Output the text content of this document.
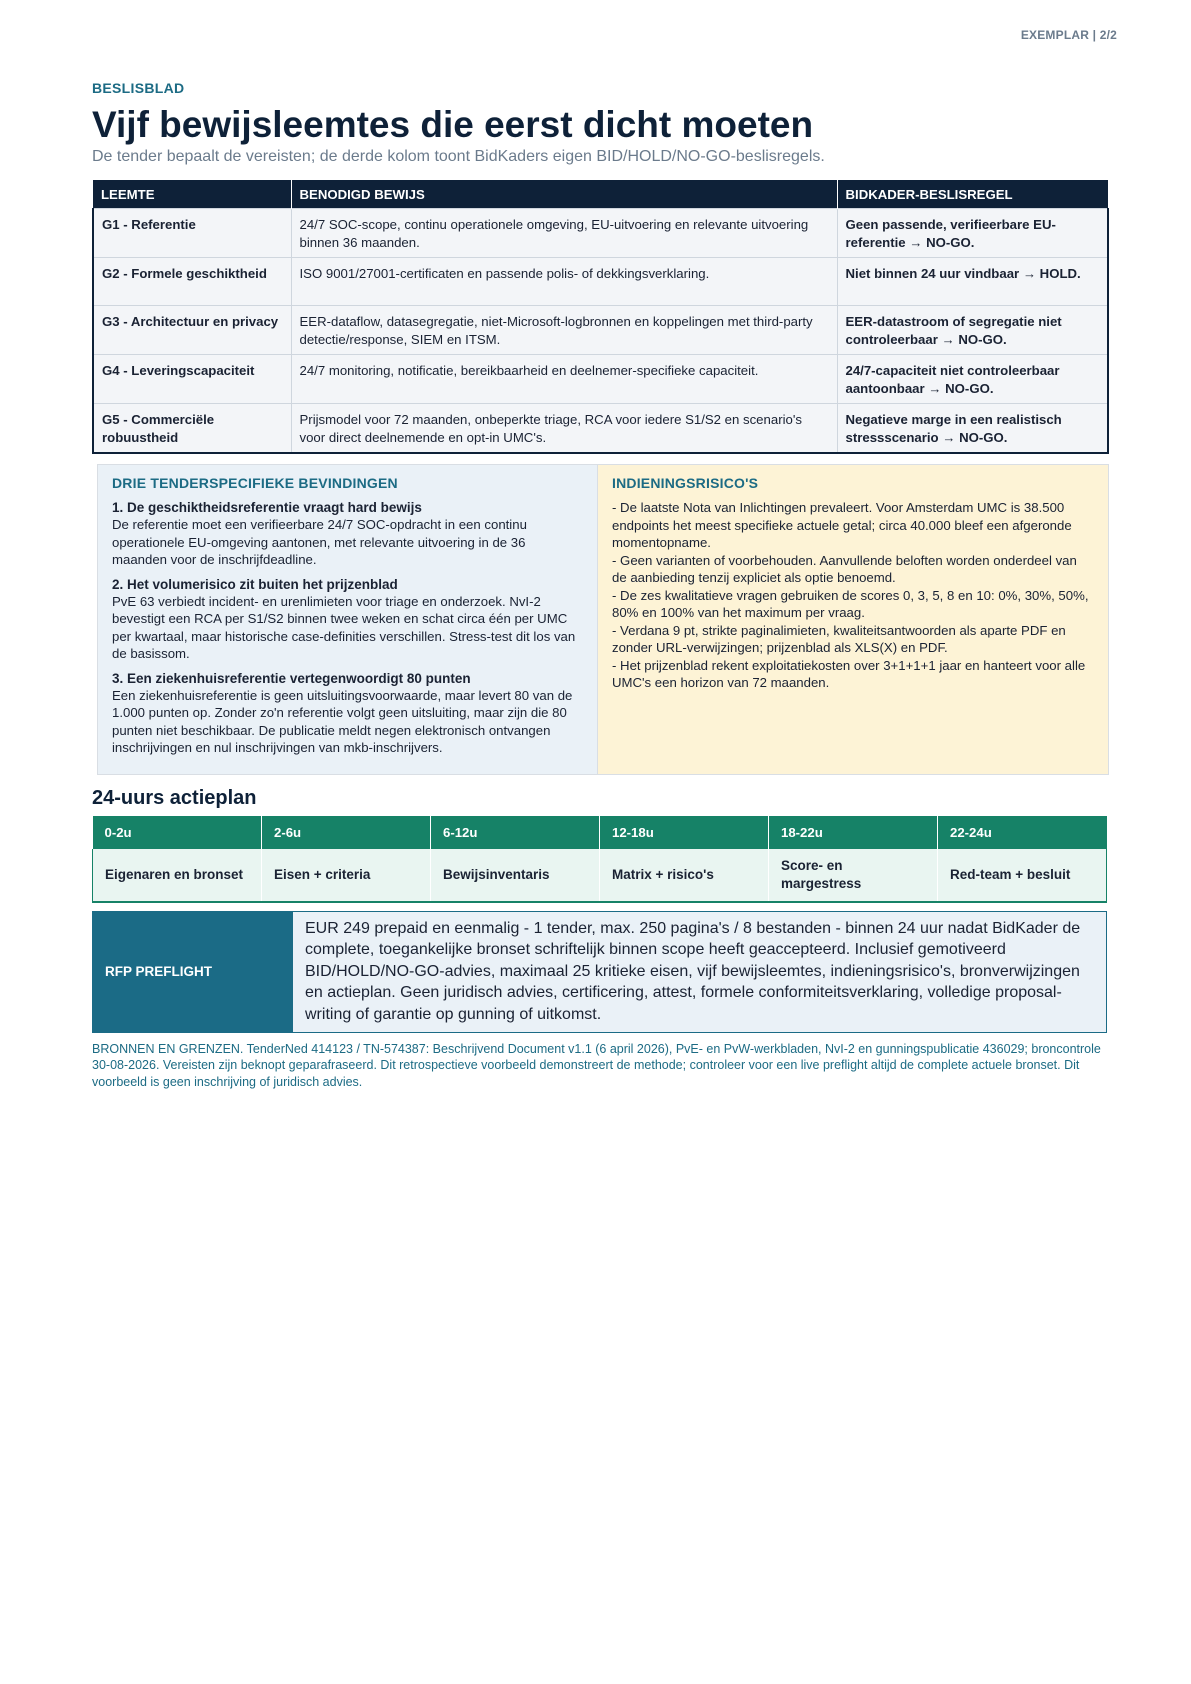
EXEMPLAR | 2/2
BESLISBLAD
Vijf bewijsleemtes die eerst dicht moeten
De tender bepaalt de vereisten; de derde kolom toont BidKaders eigen BID/HOLD/NO-GO-beslisregels.
LEEMTE	BENODIGD BEWIJS	BIDKADER-BESLISREGEL
G1 - Referentie	24/7 SOC-scope, continu operationele omgeving, EU-uitvoering en relevante uitvoering binnen 36 maanden.	Geen passende, verifieerbare EU-referentie → NO-GO.
G2 - Formele geschiktheid	ISO 9001/27001-certificaten en passende polis- of dekkingsverklaring.	Niet binnen 24 uur vindbaar → HOLD.
G3 - Architectuur en privacy	EER-dataflow, datasegregatie, niet-Microsoft-logbronnen en koppelingen met third-party detectie/response, SIEM en ITSM.	EER-datastroom of segregatie niet controleerbaar → NO-GO.
G4 - Leveringscapaciteit	24/7 monitoring, notificatie, bereikbaarheid en deelnemer-specifieke capaciteit.	24/7-capaciteit niet controleerbaar aantoonbaar → NO-GO.
G5 - Commerciële robuustheid	Prijsmodel voor 72 maanden, onbeperkte triage, RCA voor iedere S1/S2 en scenario's voor direct deelnemende en opt-in UMC's.	Negatieve marge in een realistisch stressscenario → NO-GO.
DRIE TENDERSPECIFIEKE BEVINDINGEN
1. De geschiktheidsreferentie vraagt hard bewijs
De referentie moet een verifieerbare 24/7 SOC-opdracht in een continu operationele EU-omgeving aantonen, met relevante uitvoering in de 36 maanden voor de inschrijfdeadline.
2. Het volumerisico zit buiten het prijzenblad
PvE 63 verbiedt incident- en urenlimieten voor triage en onderzoek. NvI-2 bevestigt een RCA per S1/S2 binnen twee weken en schat circa één per UMC per kwartaal, maar historische case-definities verschillen. Stress-test dit los van de basissom.
3. Een ziekenhuisreferentie vertegenwoordigt 80 punten
Een ziekenhuisreferentie is geen uitsluitingsvoorwaarde, maar levert 80 van de 1.000 punten op. Zonder zo'n referentie volgt geen uitsluiting, maar zijn die 80 punten niet beschikbaar. De publicatie meldt negen elektronisch ontvangen inschrijvingen en nul inschrijvingen van mkb-inschrijvers.
INDIENINGSRISICO'S
- De laatste Nota van Inlichtingen prevaleert. Voor Amsterdam UMC is 38.500 endpoints het meest specifieke actuele getal; circa 40.000 bleef een afgeronde momentopname.
- Geen varianten of voorbehouden. Aanvullende beloften worden onderdeel van de aanbieding tenzij expliciet als optie benoemd.
- De zes kwalitatieve vragen gebruiken de scores 0, 3, 5, 8 en 10: 0%, 30%, 50%, 80% en 100% van het maximum per vraag.
- Verdana 9 pt, strikte paginalimieten, kwaliteitsantwoorden als aparte PDF en zonder URL-verwijzingen; prijzenblad als XLS(X) en PDF.
- Het prijzenblad rekent exploitatiekosten over 3+1+1+1 jaar en hanteert voor alle UMC's een horizon van 72 maanden.
24-uurs actieplan
0-2u	2-6u	6-12u	12-18u	18-22u	22-24u
Eigenaren en bronset	Eisen + criteria	Bewijsinventaris	Matrix + risico's	Score- en margestress	Red-team + besluit
RFP PREFLIGHT
EUR 249 prepaid en eenmalig - 1 tender, max. 250 pagina's / 8 bestanden - binnen 24 uur nadat BidKader de complete, toegankelijke bronset schriftelijk binnen scope heeft geaccepteerd. Inclusief gemotiveerd BID/HOLD/NO-GO-advies, maximaal 25 kritieke eisen, vijf bewijsleemtes, indieningsrisico's, bronverwijzingen en actieplan. Geen juridisch advies, certificering, attest, formele conformiteitsverklaring, volledige proposal-writing of garantie op gunning of uitkomst.
BRONNEN EN GRENZEN. TenderNed 414123 / TN-574387: Beschrijvend Document v1.1 (6 april 2026), PvE- en PvW-werkbladen, NvI-2 en gunningspublicatie 436029; broncontrole 30-08-2026. Vereisten zijn beknopt geparafraseerd. Dit retrospectieve voorbeeld demonstreert de methode; controleer voor een live preflight altijd de complete actuele bronset. Dit voorbeeld is geen inschrijving of juridisch advies.
